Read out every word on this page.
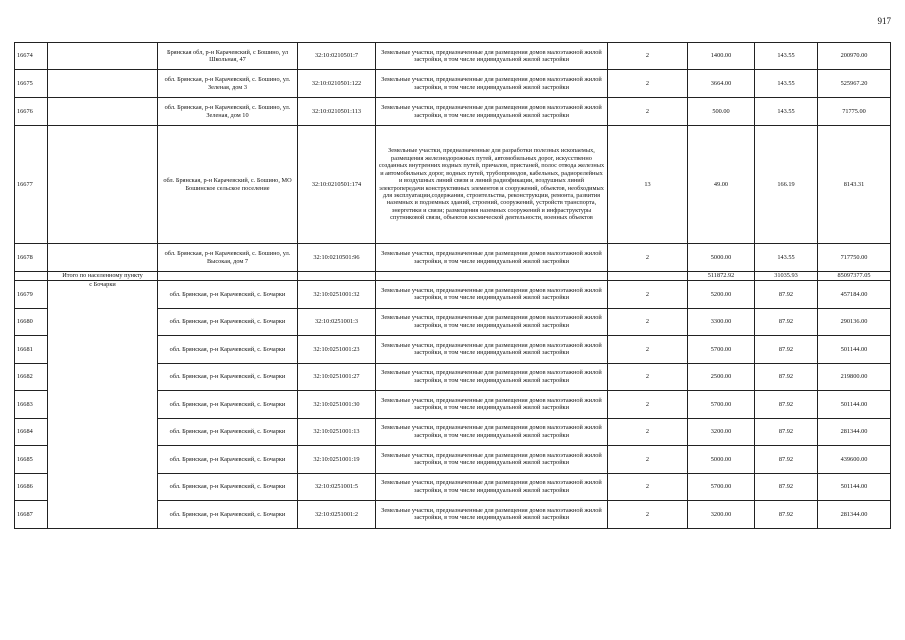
917
16674		Брянская обл, р-н Карачевский, с Бошино, ул Школьная, 47	32:10:0210501:7	Земельные участки, предназначенные для размещения домов малоэтажной жилой застройки, в том числе индивидуальной жилой застройки	2	1400.00	143.55	200970.00
16675		обл. Брянская, р-н Карачевский, с. Бошино, ул. Зеленая, дом 3	32:10:0210501:122	Земельные участки, предназначенные для размещения домов малоэтажной жилой застройки, в том числе индивидуальной жилой застройки	2	3664.00	143.55	525967.20
16676		обл. Брянская, р-н Карачевский, с. Бошино, ул. Зеленая, дом 10	32:10:0210501:113	Земельные участки, предназначенные для размещения домов малоэтажной жилой застройки, в том числе индивидуальной жилой застройки	2	500.00	143.55	71775.00
16677		обл. Брянская, р-н Карачевский, с. Бошино, МО Бошинское сельское поселение	32:10:0210501:174	Земельные участки, предназначенные для разработки полезных ископаемых, размещения железнодорожных путей, автомобильных дорог, искусственно созданных внутренних водных путей, причалов, пристаней, полос отвода железных и автомобильных дорог, водных путей, трубопроводов, кабельных, радиорелейных и воздушных линий связи и линий радиофикации, воздушных линий электропередачи конструктивных элементов и сооружений, объектов, необходимых для эксплуатации,содержания, строительства, реконструкции, ремонта, развития наземных и подземных зданий, строений, сооружений, устройств транспорта, энергетики и связи; размещения наземных сооружений и инфраструктуры спутниковой связи, объектов космической деятельности, военных объектов	13	49.00	166.19	8143.31
16678		обл. Брянская, р-н Карачевский, с. Бошино, ул. Высокая, дом 7	32:10:0210501:96	Земельные участки, предназначенные для размещения домов малоэтажной жилой застройки, в том числе индивидуальной жилой застройки	2	5000.00	143.55	717750.00
	Итого по населенному пункту					511872.92	31035.93	85097377.05
16679	с Бочарки	обл. Брянская, р-н Карачевский, с. Бочарки	32:10:0251001:32	Земельные участки, предназначенные для размещения домов малоэтажной жилой застройки, в том числе индивидуальной жилой застройки	2	5200.00	87.92	457184.00
16680		обл. Брянская, р-н Карачевский, с. Бочарки	32:10:0251001:3	Земельные участки, предназначенные для размещения домов малоэтажной жилой застройки, в том числе индивидуальной жилой застройки	2	3300.00	87.92	290136.00
16681		обл. Брянская, р-н Карачевский, с. Бочарки	32:10:0251001:23	Земельные участки, предназначенные для размещения домов малоэтажной жилой застройки, в том числе индивидуальной жилой застройки	2	5700.00	87.92	501144.00
16682		обл. Брянская, р-н Карачевский, с. Бочарки	32:10:0251001:27	Земельные участки, предназначенные для размещения домов малоэтажной жилой застройки, в том числе индивидуальной жилой застройки	2	2500.00	87.92	219800.00
16683		обл. Брянская, р-н Карачевский, с. Бочарки	32:10:0251001:30	Земельные участки, предназначенные для размещения домов малоэтажной жилой застройки, в том числе индивидуальной жилой застройки	2	5700.00	87.92	501144.00
16684		обл. Брянская, р-н Карачевский, с. Бочарки	32:10:0251001:13	Земельные участки, предназначенные для размещения домов малоэтажной жилой застройки, в том числе индивидуальной жилой застройки	2	3200.00	87.92	281344.00
16685		обл. Брянская, р-н Карачевский, с. Бочарки	32:10:0251001:19	Земельные участки, предназначенные для размещения домов малоэтажной жилой застройки, в том числе индивидуальной жилой застройки	2	5000.00	87.92	439600.00
16686		обл. Брянская, р-н Карачевский, с. Бочарки	32:10:0251001:5	Земельные участки, предназначенные для размещения домов малоэтажной жилой застройки, в том числе индивидуальной жилой застройки	2	5700.00	87.92	501144.00
16687		обл. Брянская, р-н Карачевский, с. Бочарки	32:10:0251001:2	Земельные участки, предназначенные для размещения домов малоэтажной жилой застройки, в том числе индивидуальной жилой застройки	2	3200.00	87.92	281344.00
